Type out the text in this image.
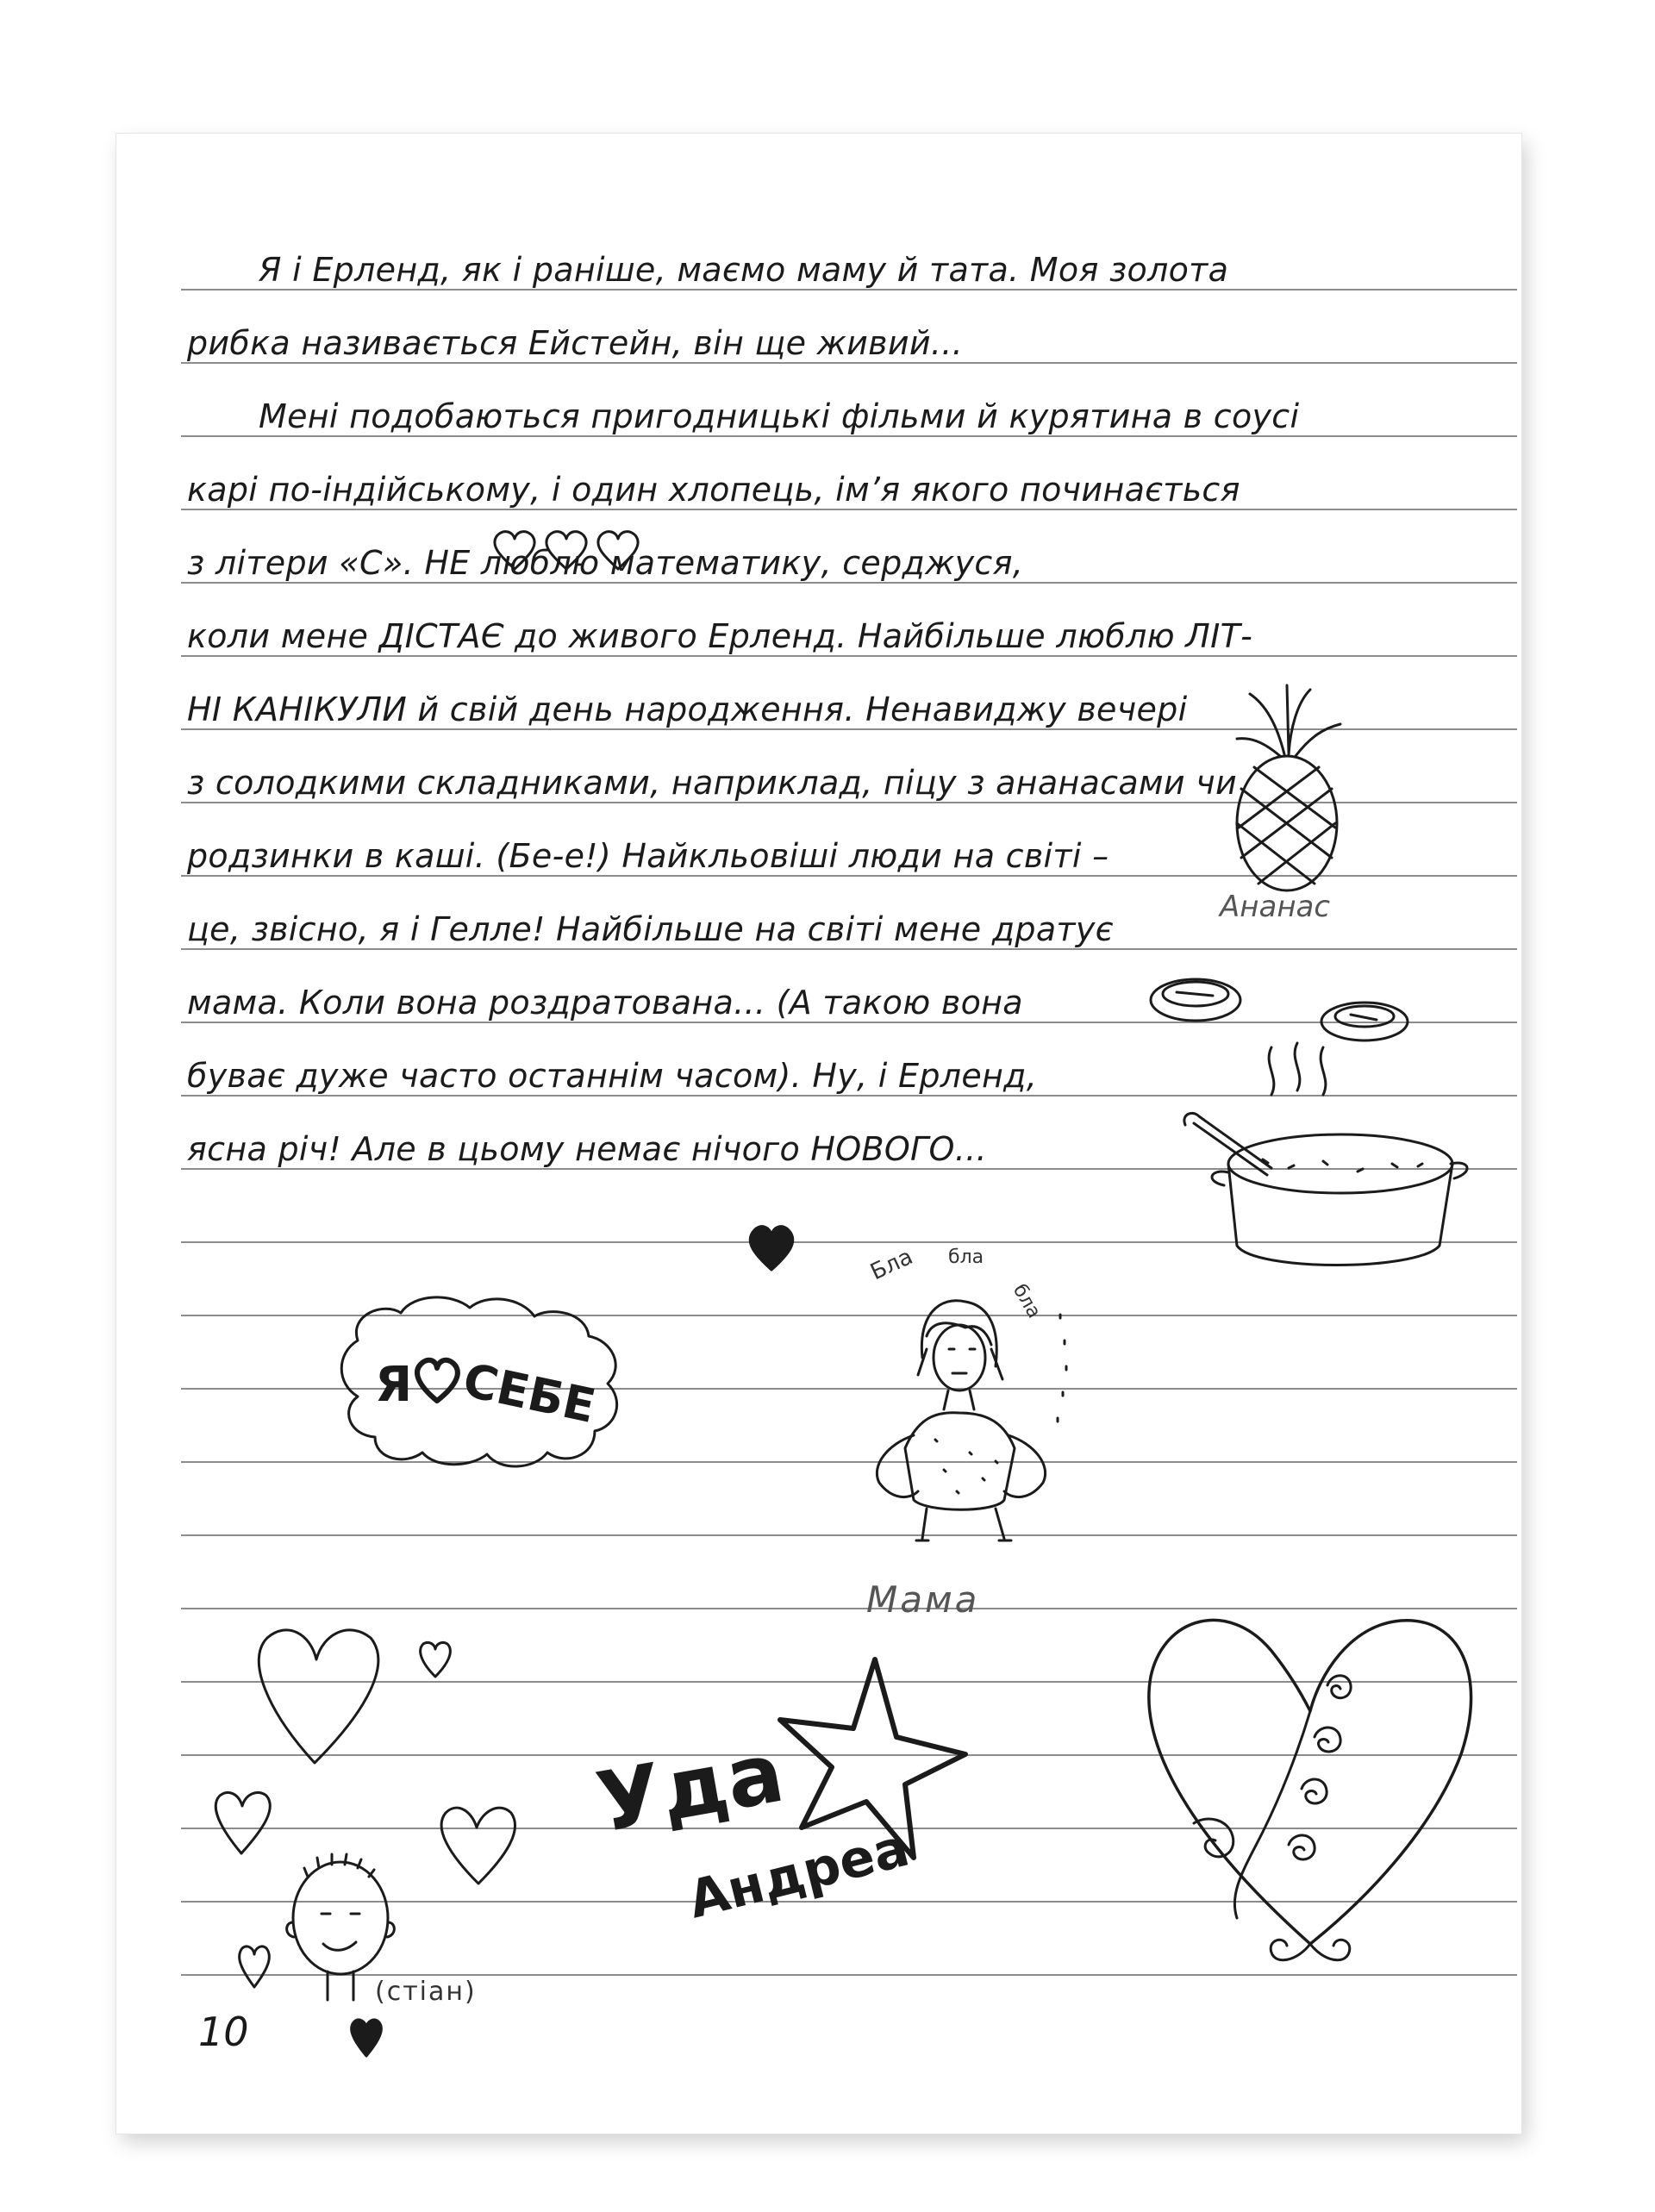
Я і Ерленд, як і раніше, маємо маму й тата. Моя золота
рибка називається Ейстейн, він ще живий...
Мені подобаються пригодницькі фільми й курятина в соусі
карі по-індійському, і один хлопець, ім’я якого починається
з літери «С». НЕ люблю математику, серджуся,
коли мене ДІСТАЄ до живого Ерленд. Найбільше люблю ЛІТ-
НІ КАНІКУЛИ й свій день народження. Ненавиджу вечері
з солодкими складниками, наприклад, піцу з ананасами чи
родзинки в каші. (Бе-е!) Найкльовіші люди на світі –
це, звісно, я і Гелле! Найбільше на світі мене дратує
мама. Коли вона роздратована... (А такою вона
буває дуже часто останнім часом). Ну, і Ерленд,
ясна річ! Але в цьому немає нічого НОВОГО...
10
Ананас
Я СЕБЕ
Бла бла
бла
Мама
(стіан)
Уда
Андреа
